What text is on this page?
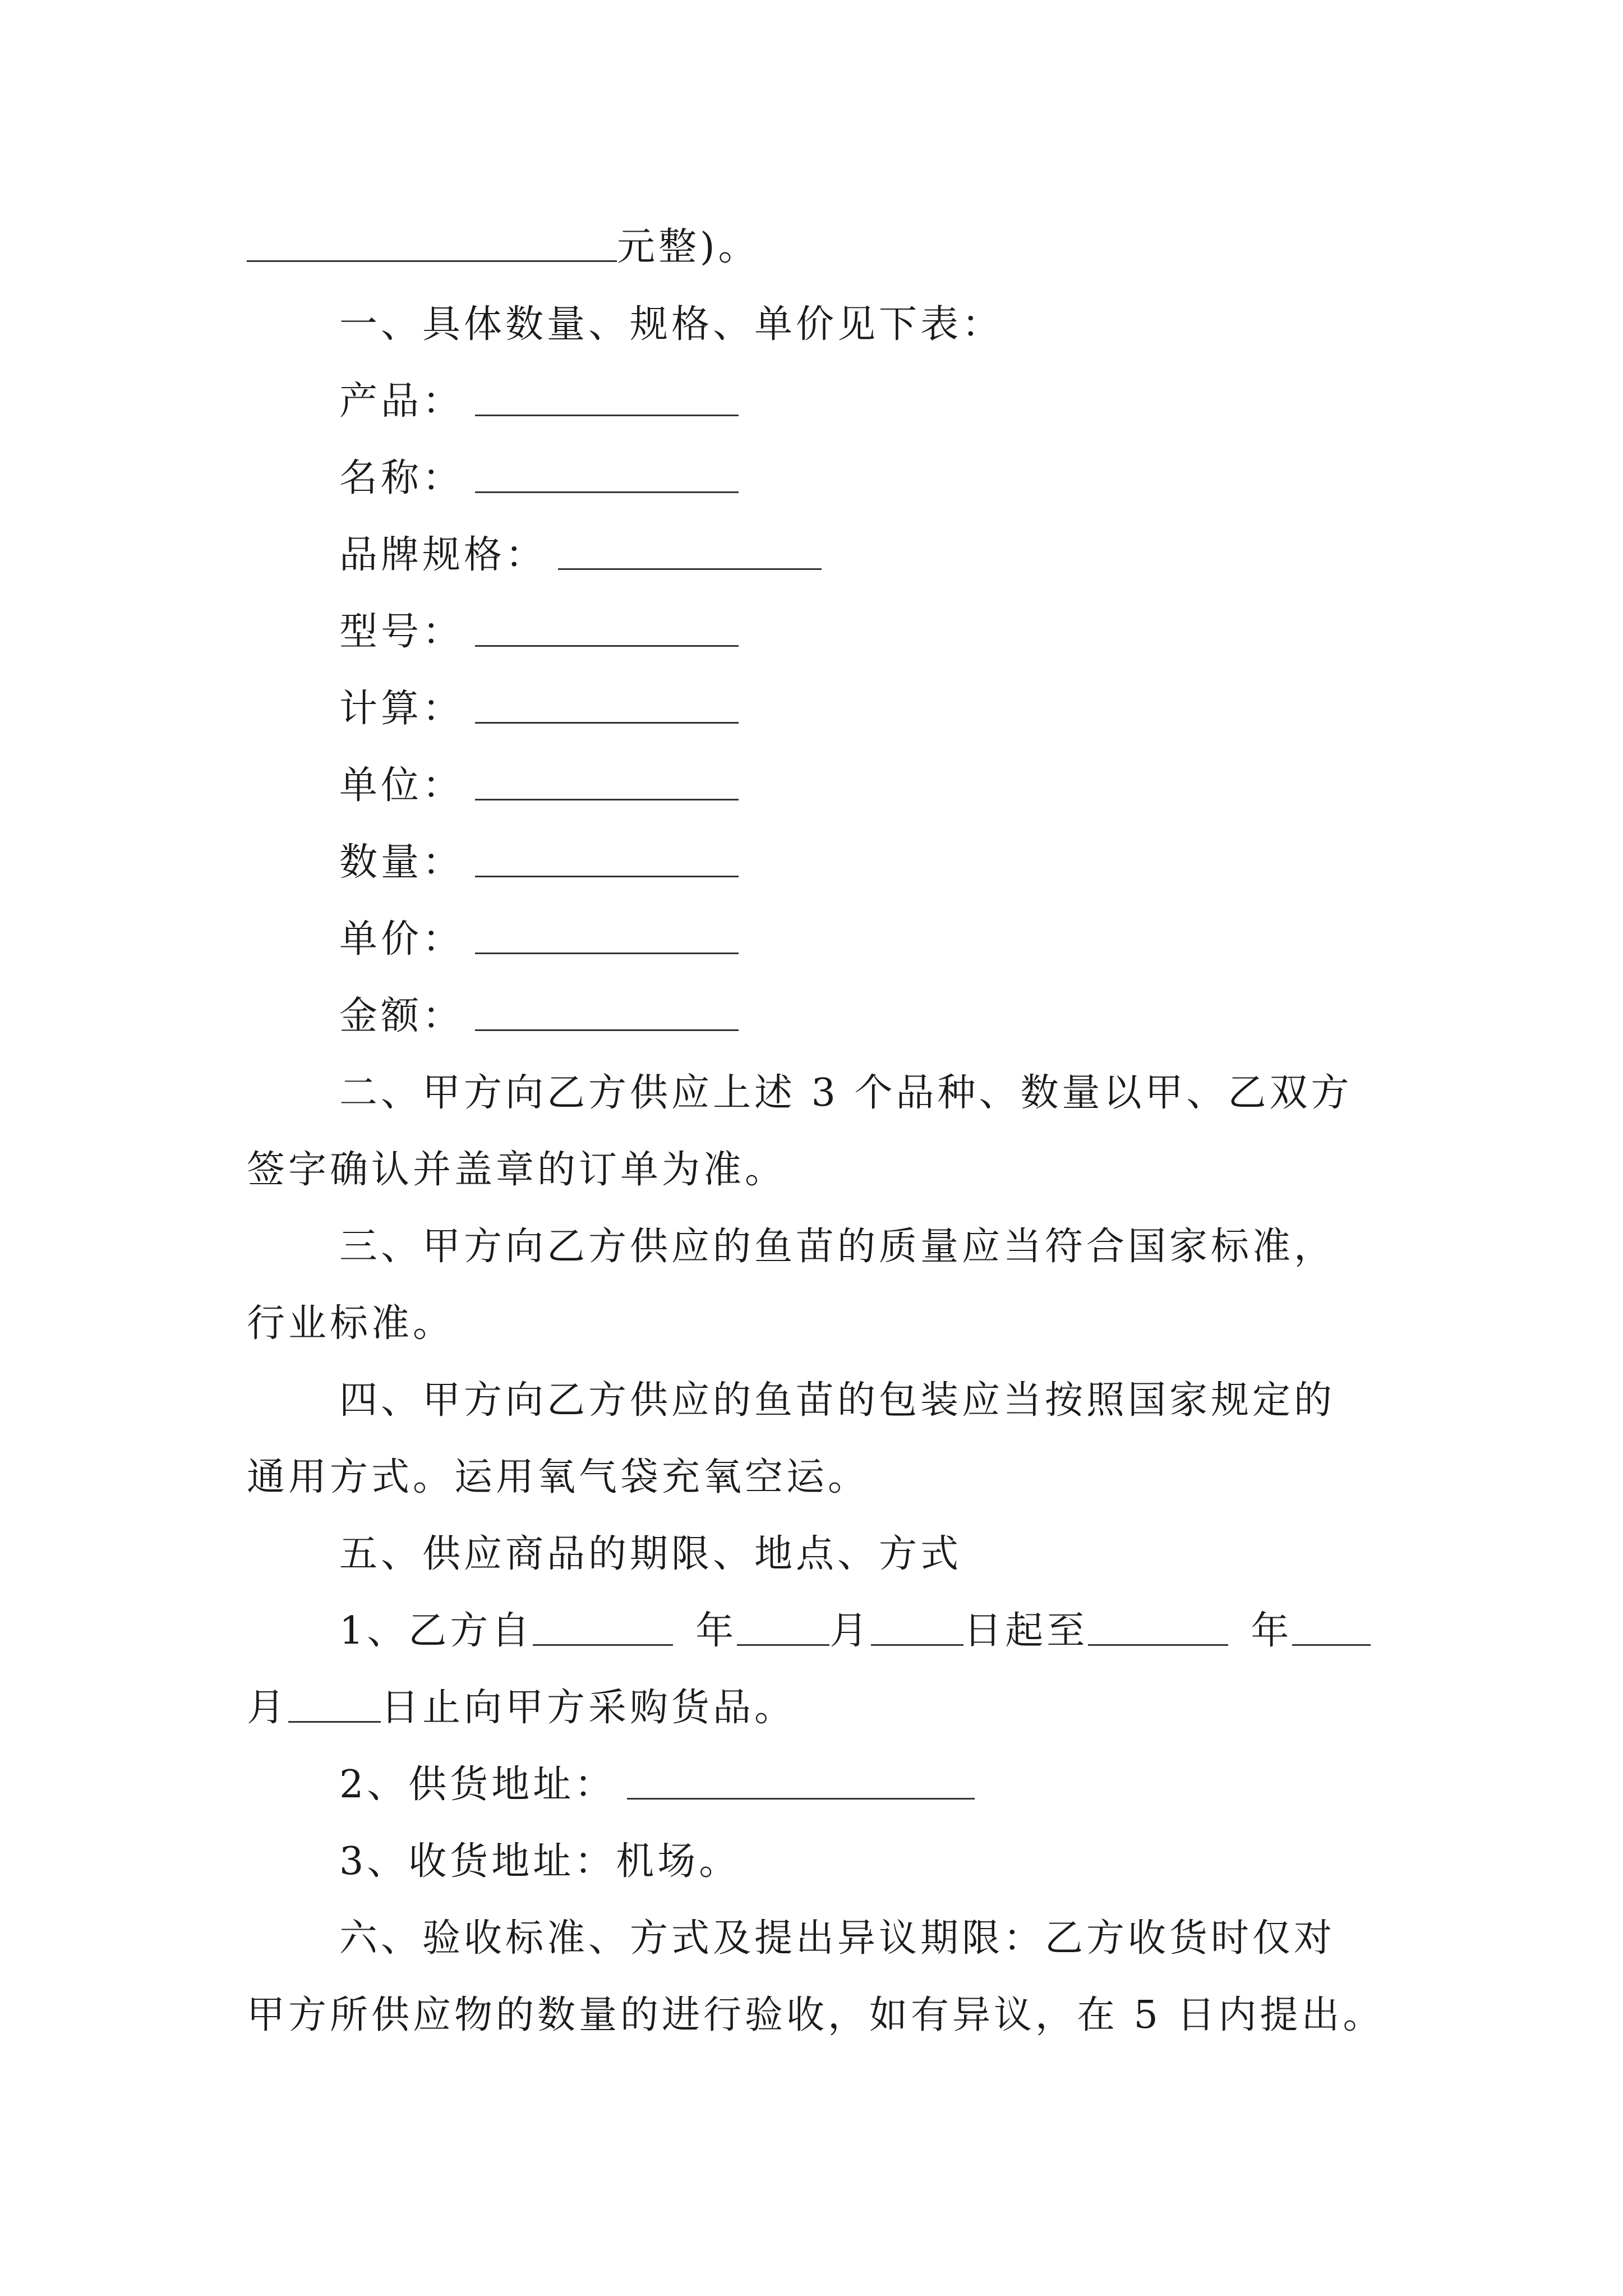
元整)。
一、具体数量、规格、单价见下表：
产品：
名称：
品牌规格：
型号：
计算：
单位：
数量：
单价：
金额：
二、甲方向乙方供应上述 3 个品种、数量以甲、乙双方
签字确认并盖章的订单为准。
三、甲方向乙方供应的鱼苗的质量应当符合国家标准，
行业标准。
四、甲方向乙方供应的鱼苗的包装应当按照国家规定的
通用方式。运用氧气袋充氧空运。
五、供应商品的期限、地点、方式
1、乙方自	年 月 日起至	年
月 日止向甲方采购货品。
2、供货地址：
3、收货地址：机场。
六、验收标准、方式及提出异议期限：乙方收货时仅对
甲方所供应物的数量的进行验收，如有异议，在 5 日内提出。
